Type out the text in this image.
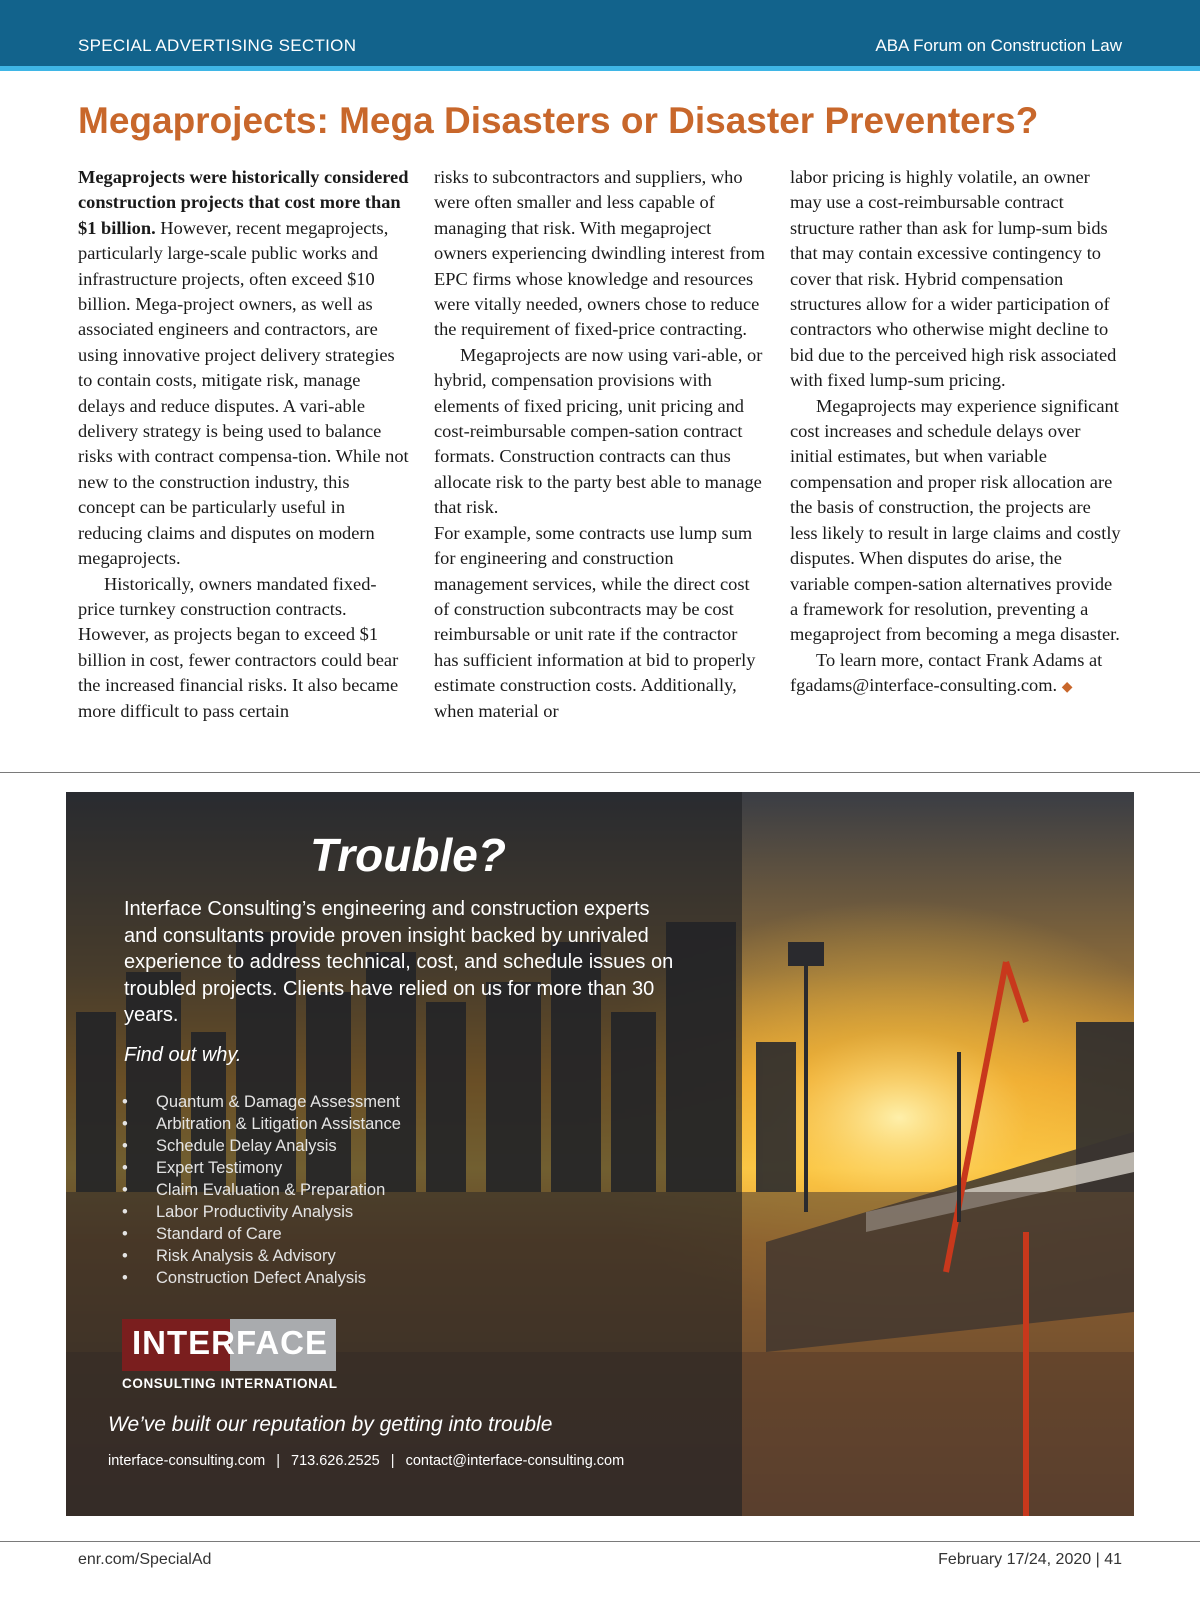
SPECIAL ADVERTISING SECTION	ABA Forum on Construction Law
Megaprojects: Mega Disasters or Disaster Preventers?

Megaprojects were historically considered construction projects that cost more than $1 billion. However, recent megaprojects, particularly large-scale public works and infrastructure projects, often exceed $10 billion. Mega-project owners, as well as associated engineers and contractors, are using innovative project delivery strategies to contain costs, mitigate risk, manage delays and reduce disputes. A vari-able delivery strategy is being used to balance risks with contract compensa-tion. While not new to the construction industry, this concept can be particularly useful in reducing claims and disputes on modern megaprojects.

Historically, owners mandated fixed-price turnkey construction contracts. However, as projects began to exceed $1 billion in cost, fewer contractors could bear the increased financial risks. It also became more difficult to pass certain

risks to subcontractors and suppliers, who were often smaller and less capable of managing that risk. With megaproject owners experiencing dwindling interest from EPC firms whose knowledge and resources were vitally needed, owners chose to reduce the requirement of fixed-price contracting.

Megaprojects are now using vari-able, or hybrid, compensation provisions with elements of fixed pricing, unit pricing and cost-reimbursable compen-sation contract formats. Construction contracts can thus allocate risk to the party best able to manage that risk.

For example, some contracts use lump sum for engineering and construction management services, while the direct cost of construction subcontracts may be cost reimbursable or unit rate if the contractor has sufficient information at bid to properly estimate construction costs. Additionally, when material or

labor pricing is highly volatile, an owner may use a cost-reimbursable contract structure rather than ask for lump-sum bids that may contain excessive contingency to cover that risk. Hybrid compensation structures allow for a wider participation of contractors who otherwise might decline to bid due to the perceived high risk associated with fixed lump-sum pricing.

Megaprojects may experience significant cost increases and schedule delays over initial estimates, but when variable compensation and proper risk allocation are the basis of construction, the projects are less likely to result in large claims and costly disputes. When disputes do arise, the variable compen-sation alternatives provide a framework for resolution, preventing a megaproject from becoming a mega disaster.

To learn more, contact Frank Adams at fgadams@interface-consulting.com. ◆

Trouble?

Interface Consulting’s engineering and construction experts and consultants provide proven insight backed by unrivaled experience to address technical, cost, and schedule issues on troubled projects. Clients have relied on us for more than 30 years.

Find out why.

• Quantum & Damage Assessment
• Arbitration & Litigation Assistance
• Schedule Delay Analysis
• Expert Testimony
• Claim Evaluation & Preparation
• Labor Productivity Analysis
• Standard of Care
• Risk Analysis & Advisory
• Construction Defect Analysis
INTERFACE
CONSULTING INTERNATIONAL

We’ve built our reputation by getting into trouble

interface-consulting.com | 713.626.2525 | contact@interface-consulting.com
enr.com/SpecialAd	February 17/24, 2020 | 41
